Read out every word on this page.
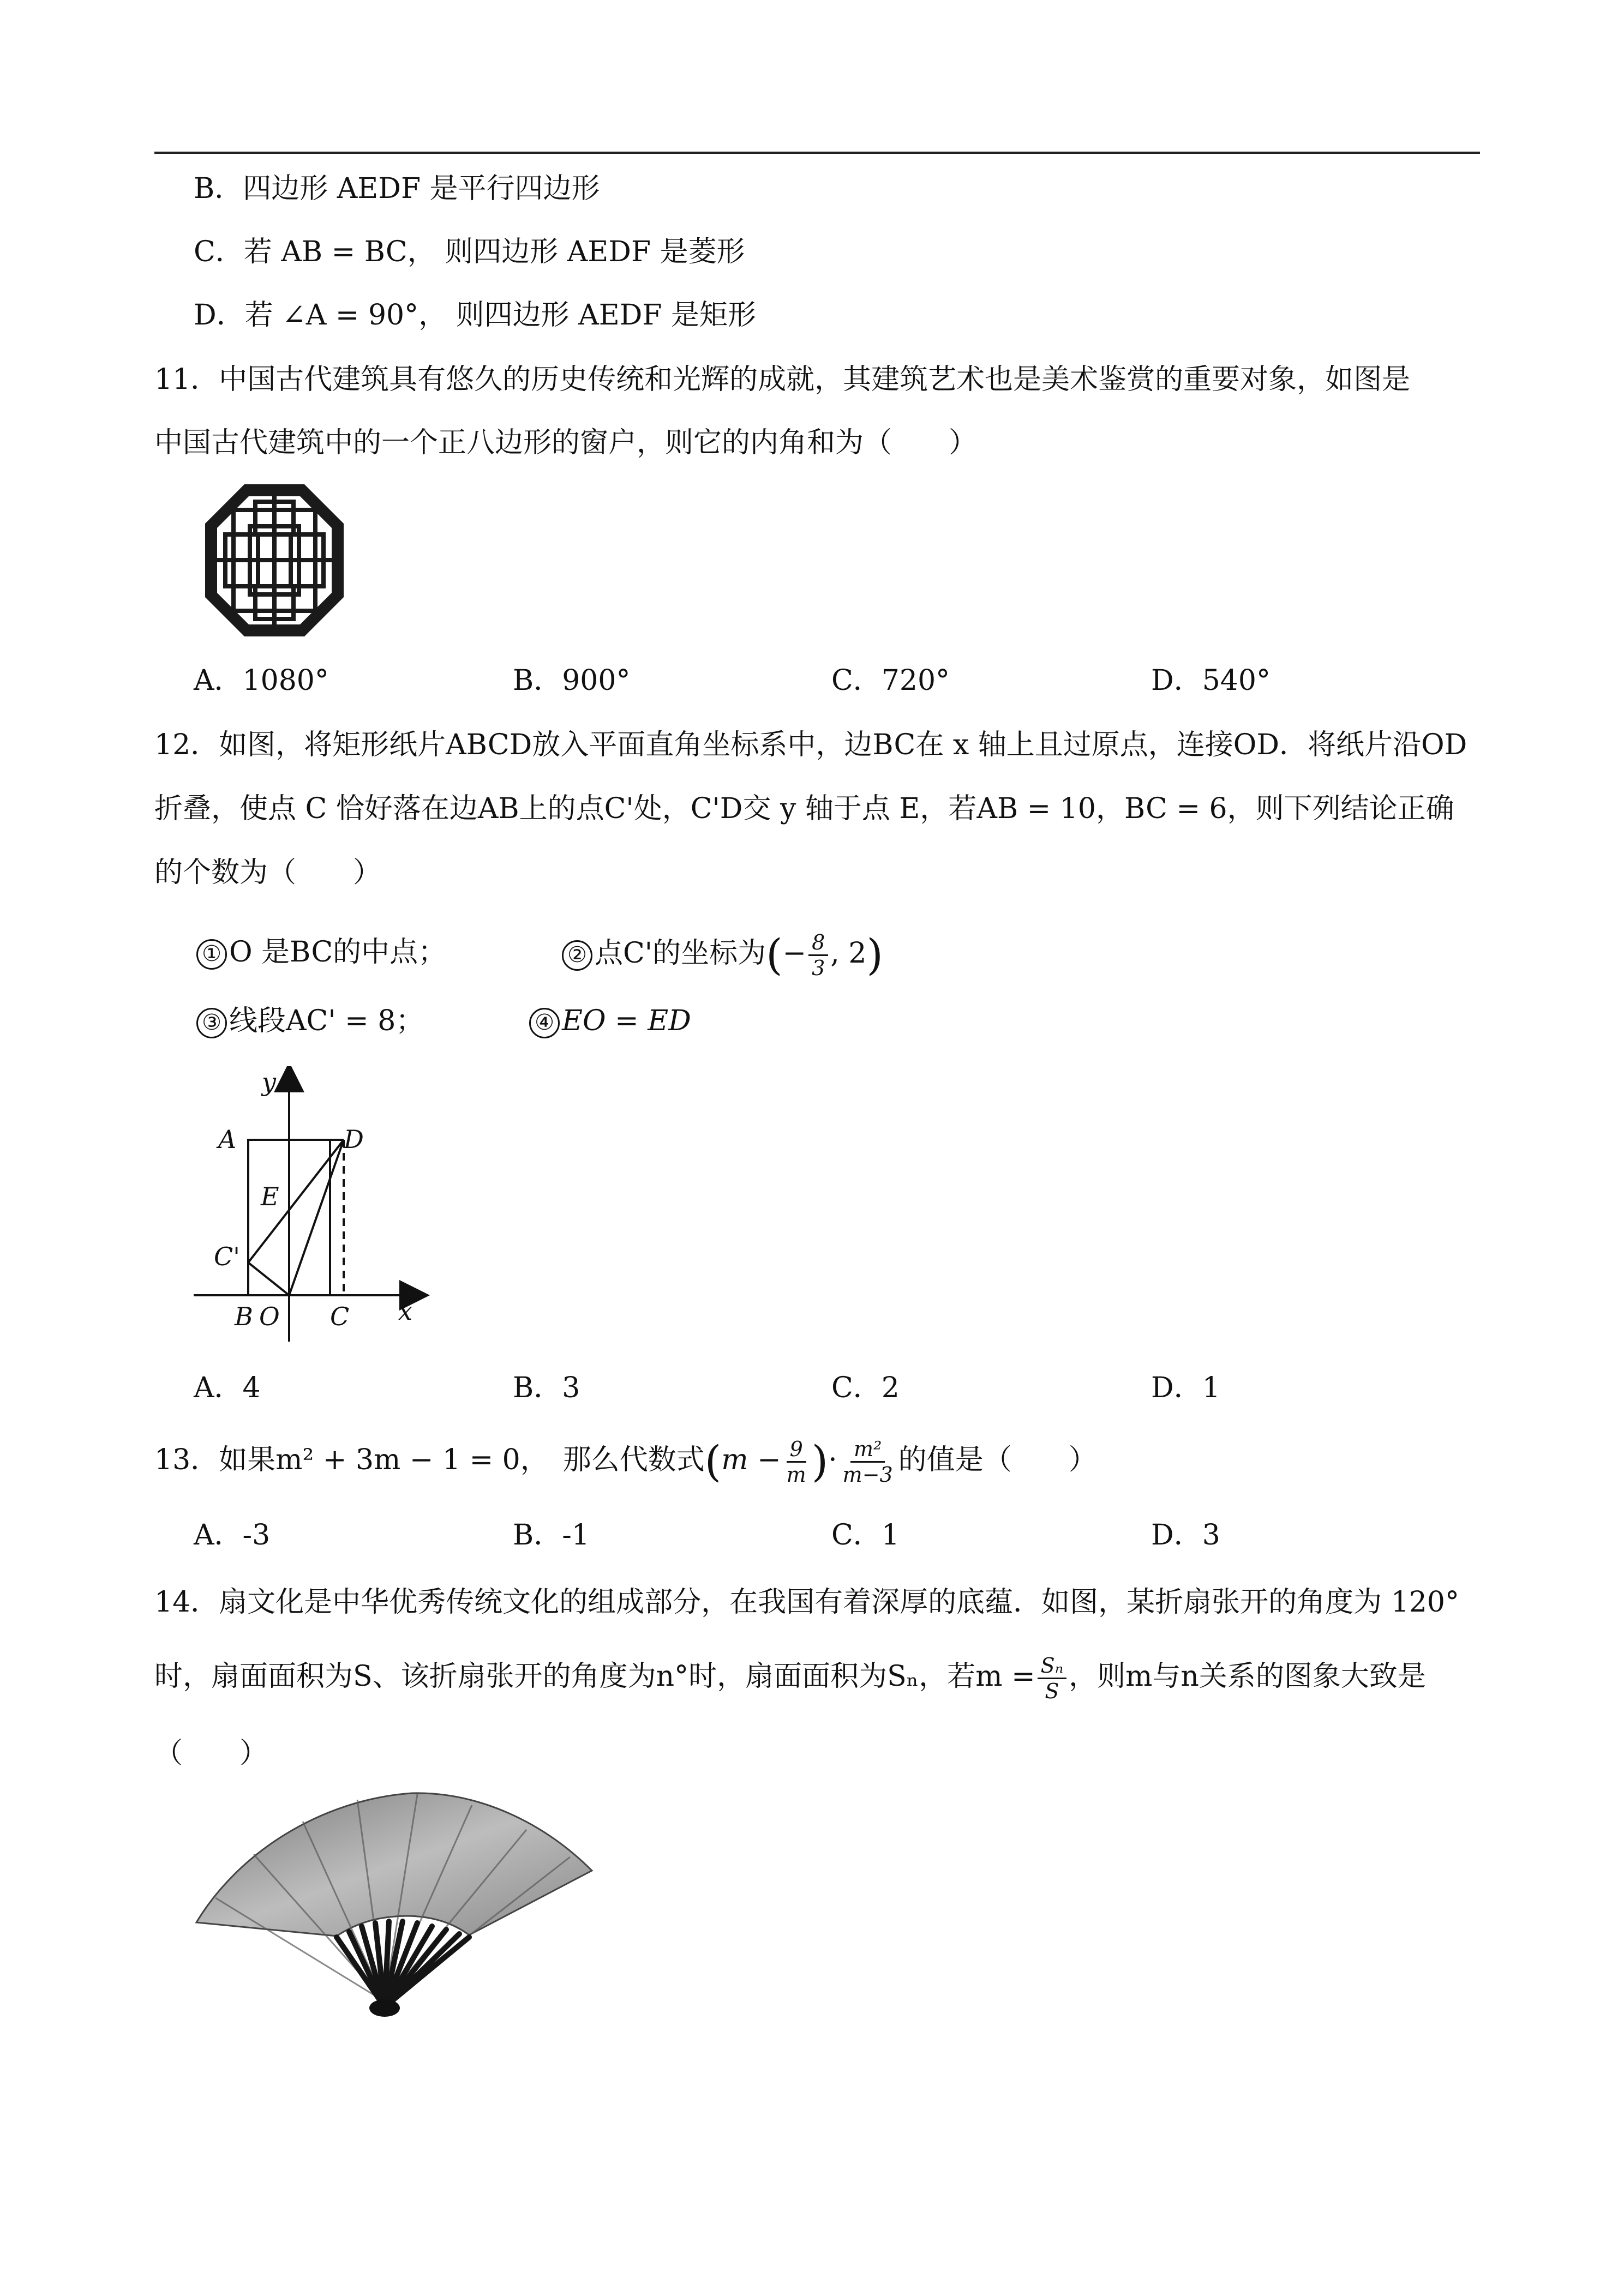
B．四边形 AEDF 是平行四边形
C．若 AB = BC， 则四边形 AEDF 是菱形
D．若 ∠A = 90°， 则四边形 AEDF 是矩形
11．中国古代建筑具有悠久的历史传统和光辉的成就，其建筑艺术也是美术鉴赏的重要对象，如图是
中国古代建筑中的一个正八边形的窗户，则它的内角和为（　　）
A．1080°	B．900°	C．720°	D．540°
12．如图，将矩形纸片ABCD放入平面直角坐标系中，边BC在 x 轴上且过原点，连接OD．将纸片沿OD
折叠，使点 C 恰好落在边AB上的点C'处，C'D交 y 轴于点 E，若AB = 10，BC = 6，则下列结论正确
的个数为（　　）
① O 是BC的中点；	② 点C'的坐标为(− $\frac{8}{3}$ , 2)
③ 线段AC' = 8；	④ EO = ED
y
A	D
E
C'
B O C x
A．4	B．3	C．2	D．1
13．如果m² + 3m − 1 = 0，　那么代数式($m - \frac{9}{m}$ )· $\frac{\text{m²}}{m-3}$ 的值是（　　）
A．-3	B．-1	C．1	D．3
14．扇文化是中华优秀传统文化的组成部分，在我国有着深厚的底蕴．如图，某折扇张开的角度为 120°
时，扇面面积为S、该折扇张开的角度为n°时，扇面面积为Sₙ，若$m = \frac{\text{Sₙ}}{S}$ ，则m与n关系的图象大致是
（　　）
